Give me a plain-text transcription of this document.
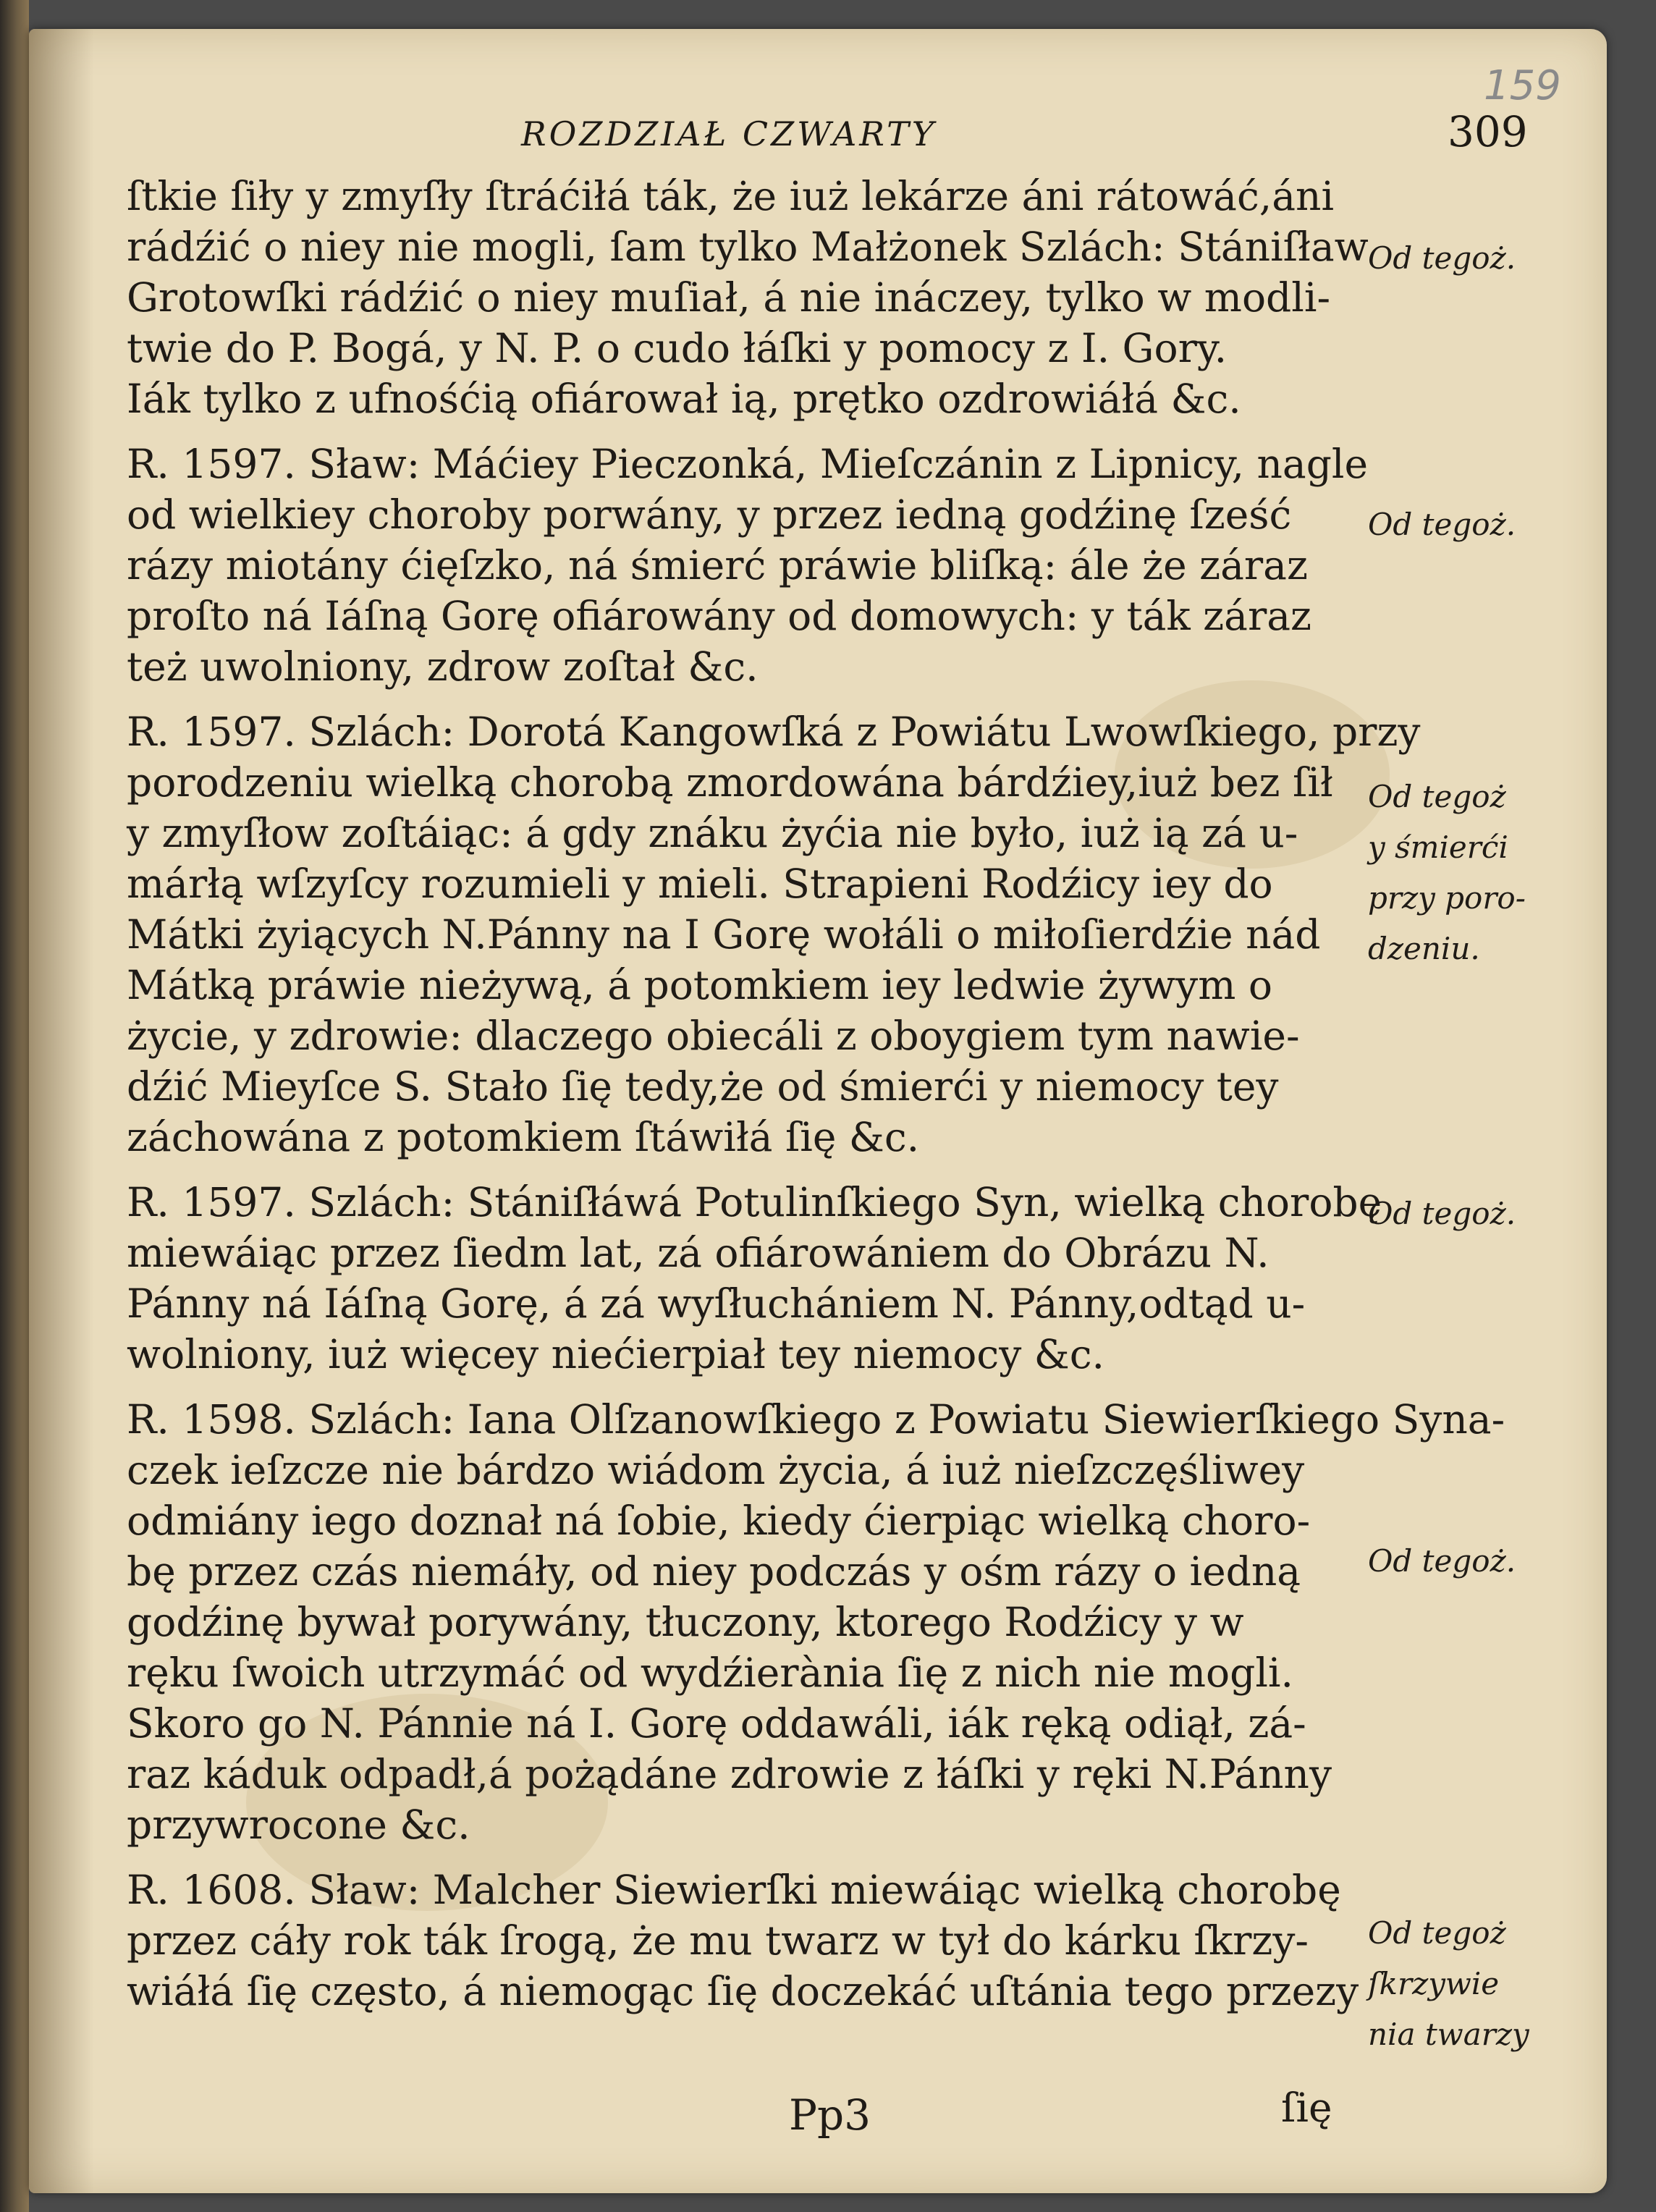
159
ROZDZIAŁ CZWARTY	309
ſtkie ſiły y zmyſły ſtráćiłá ták, że iuż lekárze áni rátowáć,áni
rádźić o niey nie mogli, ſam tylko Małżonek Szlách: Stániſław
Grotowſki rádźić o niey muſiał, á nie ináczey, tylko w modli-
twie do P. Bogá, y N. P. o cudo łáſki y pomocy z I. Gory.
Iák tylko z ufnośćią ofiárował ią, prętko ozdrowiáłá &c.
R. 1597. Sław: Máćiey Pieczonká, Mieſczánin z Lipnicy, nagle
od wielkiey choroby porwány, y przez iedną godźinę ſześć
rázy miotány ćięſzko, ná śmierć práwie bliſką: ále że záraz
proſto ná Iáſną Gorę ofiárowány od domowych: y ták záraz
też uwolniony, zdrow zoſtał &c.
R. 1597. Szlách: Dorotá Kangowſká z Powiátu Lwowſkiego, przy
porodzeniu wielką chorobą zmordowána bárdźiey,iuż bez ſił
y zmyſłow zoſtáiąc: á gdy znáku żyćia nie było, iuż ią zá u-
márłą wſzyſcy rozumieli y mieli. Strapieni Rodźicy iey do
Mátki żyiących N.Pánny na I Gorę wołáli o miłoſierdźie nád
Mátką práwie nieżywą, á potomkiem iey ledwie żywym o
życie, y zdrowie: dlaczego obiecáli z oboygiem tym nawie-
dźić Mieyſce S. Stało ſię tedy,że od śmierći y niemocy tey
záchowána z potomkiem ſtáwiłá ſię &c.
R. 1597. Szlách: Stániſłáwá Potulinſkiego Syn, wielką chorobę
miewáiąc przez ſiedm lat, zá ofiárowániem do Obrázu N.
Pánny ná Iáſną Gorę, á zá wyſłuchániem N. Pánny,odtąd u-
wolniony, iuż więcey niećierpiał tey niemocy &c.
R. 1598. Szlách: Iana Olſzanowſkiego z Powiatu Siewierſkiego Syna-
czek ieſzcze nie bárdzo wiádom życia, á iuż nieſzczęśliwey
odmiány iego doznał ná ſobie, kiedy ćierpiąc wielką choro-
bę przez czás niemáły, od niey podczás y ośm rázy o iedną
godźinę bywał porywány, tłuczony, ktorego Rodźicy y w
ręku ſwoich utrzymáć od wydźierània ſię z nich nie mogli.
Skoro go N. Pánnie ná I. Gorę oddawáli, iák ręką odiął, zá-
raz káduk odpadł,á pożądáne zdrowie z łáſki y ręki N.Pánny
przywrocone &c.
R. 1608. Sław: Malcher Siewierſki miewáiąc wielką chorobę
przez cáły rok ták ſrogą, że mu twarz w tył do kárku ſkrzy-
wiáłá ſię często, á niemogąc ſię doczekáć uſtánia tego przezy
Od tegoż.
Od tegoż.
Od tegoż
y śmierći
przy poro-
dzeniu.
Od tegoż.
Od tegoż.
Od tegoż
ſkrzywie
nia twarzy
Pp3	ſię
